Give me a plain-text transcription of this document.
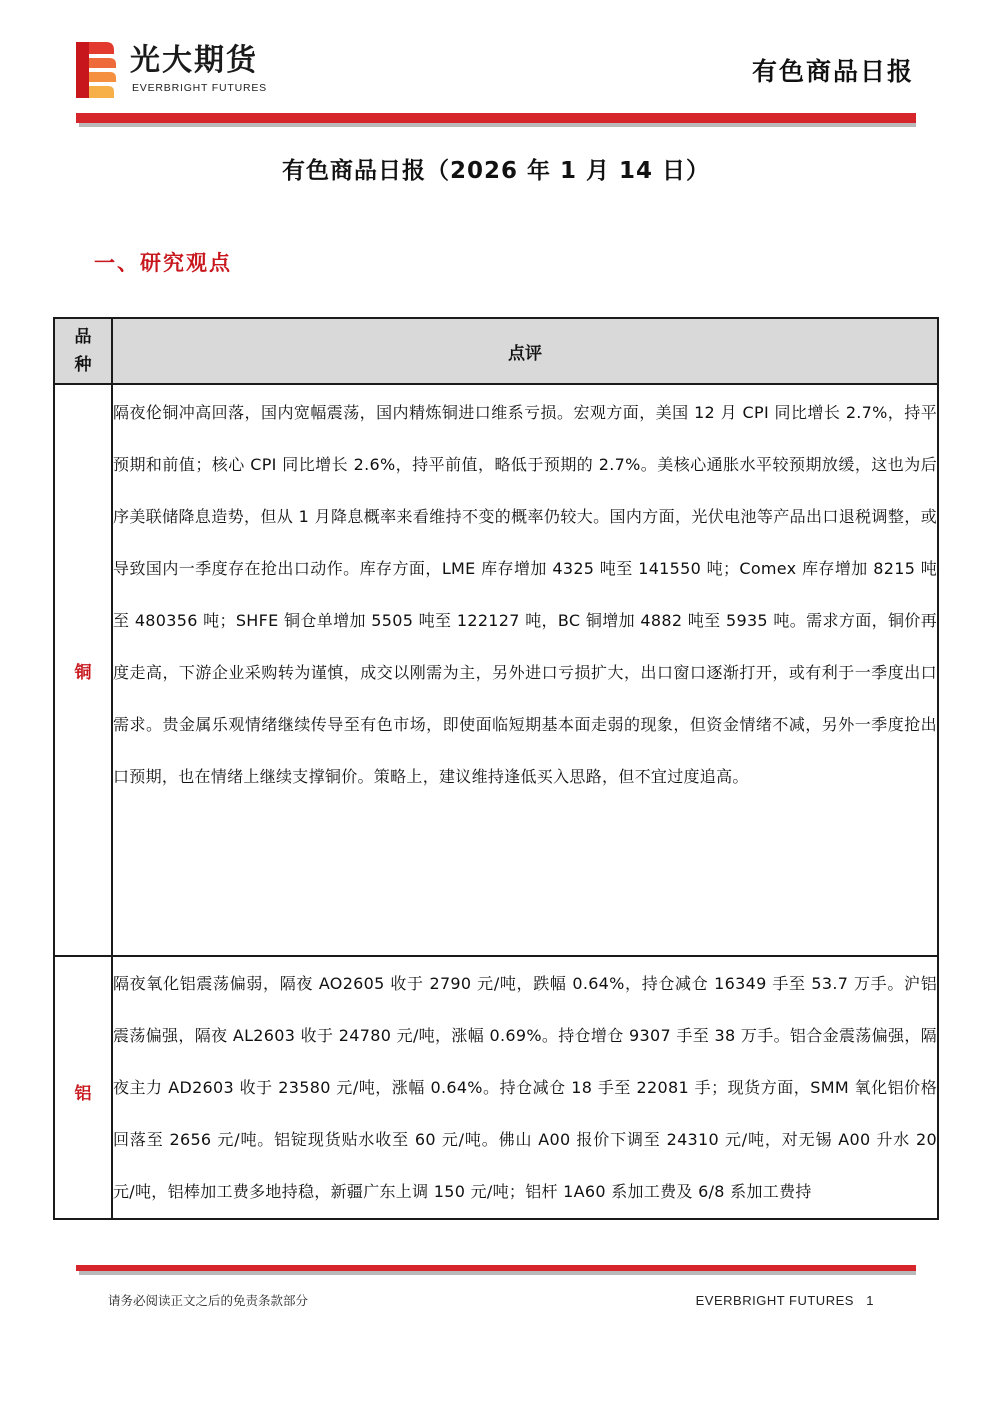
光大期货
EVERBRIGHT FUTURES
有色商品日报
有色商品日报（2026 年 1 月 14 日）
一、研究观点
品
种	点评
铜	隔夜伦铜冲高回落，国内宽幅震荡，国内精炼铜进口维系亏损。宏观方面，美国 12 月 CPI 同比增长 2.7%，持平预期和前值；核心 CPI 同比增长 2.6%，持平前值，略低于预期的 2.7%。美核心通胀水平较预期放缓，这也为后序美联储降息造势，但从 1 月降息概率来看维持不变的概率仍较大。国内方面，光伏电池等产品出口退税调整，或导致国内一季度存在抢出口动作。库存方面，LME 库存增加 4325 吨至 141550 吨；Comex 库存增加 8215 吨至 480356 吨；SHFE 铜仓单增加 5505 吨至 122127 吨，BC 铜增加 4882 吨至 5935 吨。需求方面，铜价再度走高，下游企业采购转为谨慎，成交以刚需为主，另外进口亏损扩大，出口窗口逐渐打开，或有利于一季度出口需求。贵金属乐观情绪继续传导至有色市场，即使面临短期基本面走弱的现象，但资金情绪不减，另外一季度抢出口预期，也在情绪上继续支撑铜价。策略上，建议维持逢低买入思路，但不宜过度追高。
铝	隔夜氧化铝震荡偏弱，隔夜 AO2605 收于 2790 元/吨，跌幅 0.64%，持仓减仓 16349 手至 53.7 万手。沪铝震荡偏强，隔夜 AL2603 收于 24780 元/吨，涨幅 0.69%。持仓增仓 9307 手至 38 万手。铝合金震荡偏强，隔夜主力 AD2603 收于 23580 元/吨，涨幅 0.64%。持仓减仓 18 手至 22081 手；现货方面，SMM 氧化铝价格回落至 2656 元/吨。铝锭现货贴水收至 60 元/吨。佛山 A00 报价下调至 24310 元/吨，对无锡 A00 升水 20 元/吨，铝棒加工费多地持稳，新疆广东上调 150 元/吨；铝杆 1A60 系加工费及 6/8 系加工费持
请务必阅读正文之后的免责条款部分	EVERBRIGHT FUTURES 1
